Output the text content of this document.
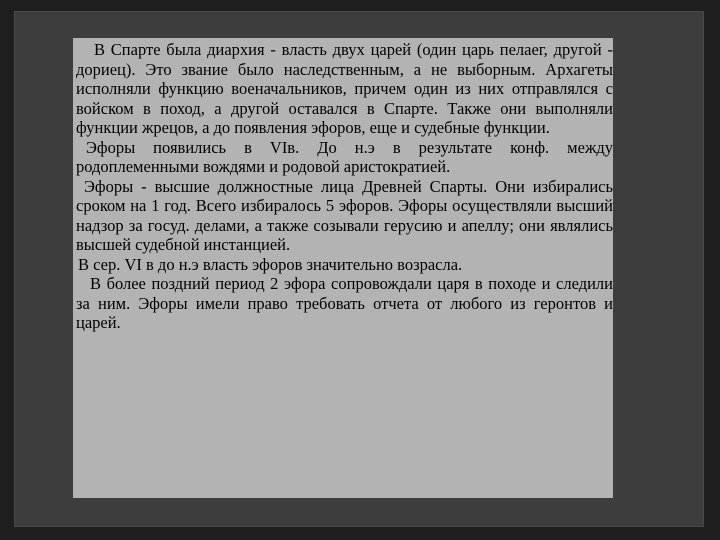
В Спарте была диархия - власть двух царей (один царь пелаег, другой - дориец). Это звание было наследственным, а не выборным. Архагеты исполняли функцию военачальников, причем один из них отправлялся с войском в поход, а другой оставался в Спарте. Также они выполняли функции жрецов, а до появления эфоров, еще и судебные функции.

Эфоры появились в VIв. До н.э в результате конф. между родоплеменными вождями и родовой аристократией.

Эфоры - высшие должностные лица Древней Спарты. Они избирались сроком на 1 год. Всего избиралось 5 эфоров. Эфоры осуществляли высший надзор за госуд. делами, а также созывали герусию и апеллу; они являлись высшей судебной инстанцией.

В сер. VI в до н.э власть эфоров значительно возрасла.

В более поздний период 2 эфора сопровождали царя в походе и следили за ним. Эфоры имели право требовать отчета от любого из геронтов и царей.
